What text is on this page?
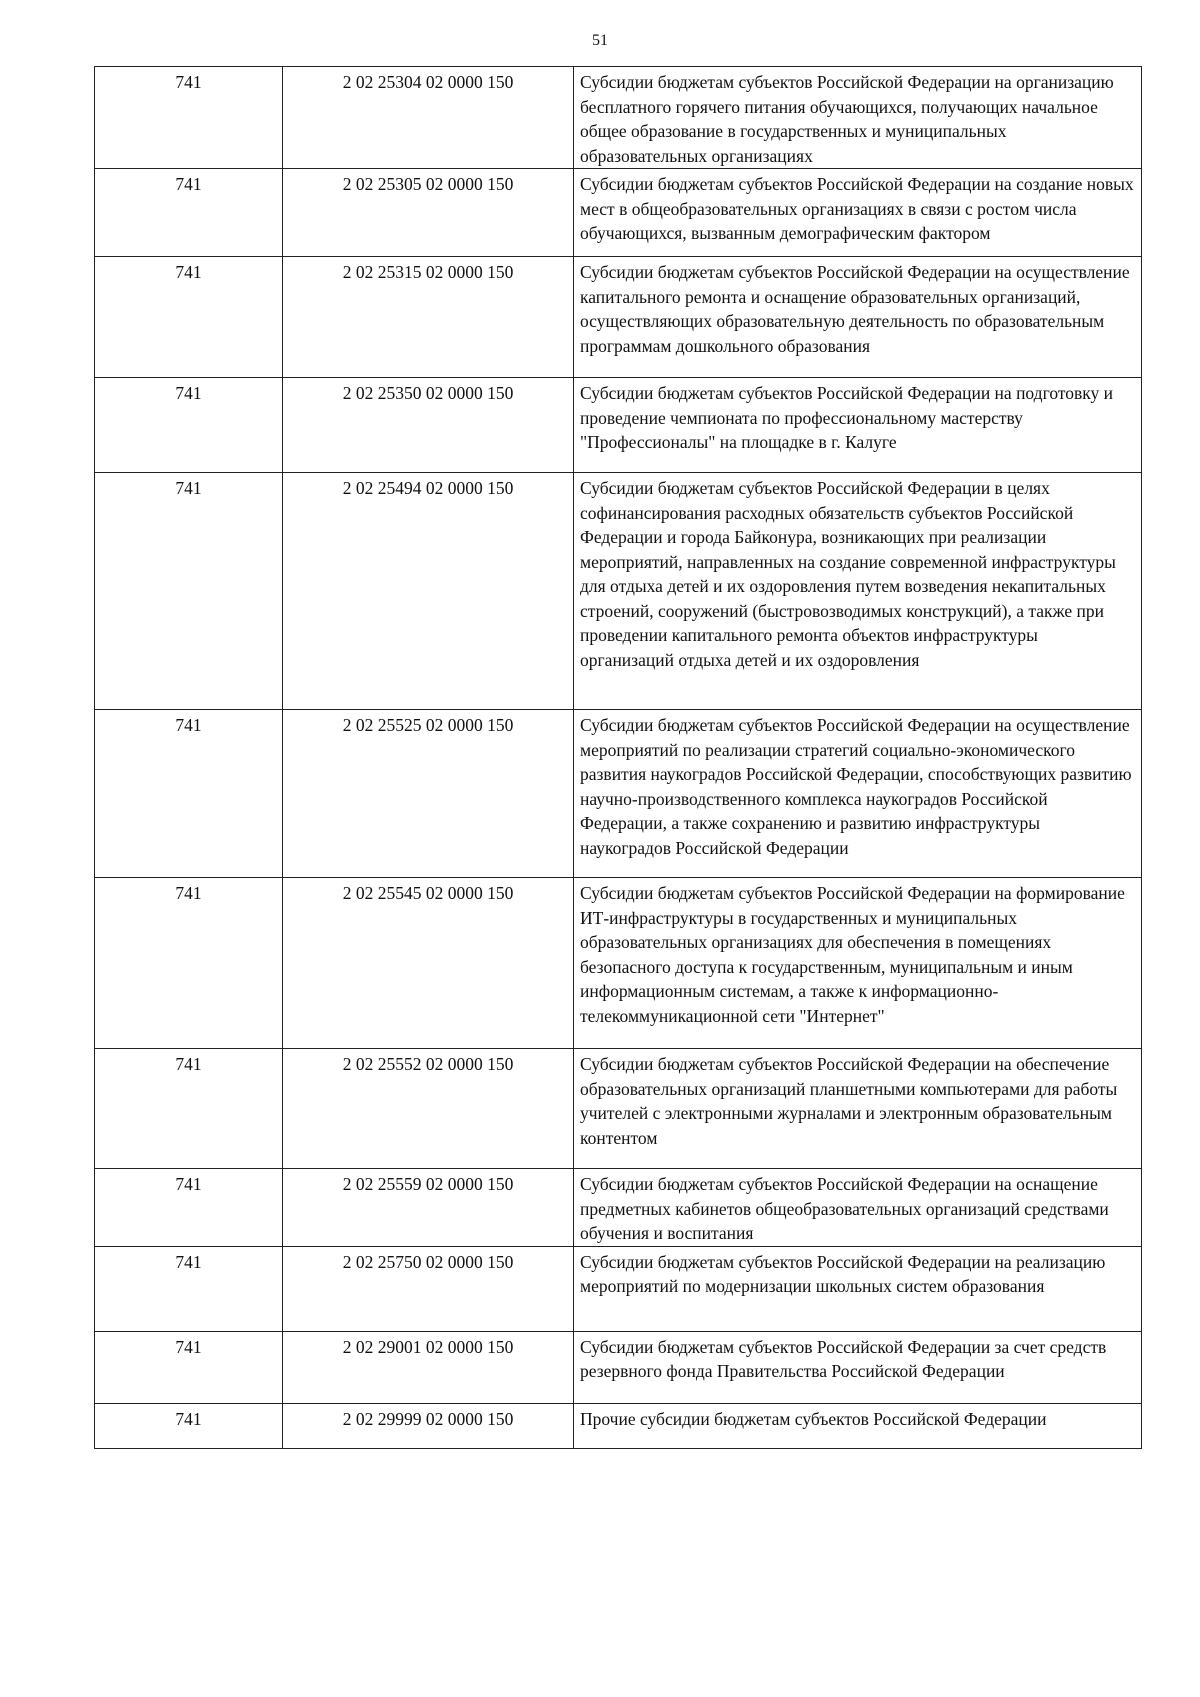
51
741	2 02 25304 02 0000 150	Субсидии бюджетам субъектов Российской Федерации на организацию бесплатного горячего питания обучающихся, получающих начальное общее образование в государственных и муниципальных образовательных организациях
741	2 02 25305 02 0000 150	Субсидии бюджетам субъектов Российской Федерации на создание новых мест в общеобразовательных организациях в связи с ростом числа обучающихся, вызванным демографическим фактором
741	2 02 25315 02 0000 150	Субсидии бюджетам субъектов Российской Федерации на осуществление капитального ремонта и оснащение образовательных организаций, осуществляющих образовательную деятельность по образовательным программам дошкольного образования
741	2 02 25350 02 0000 150	Субсидии бюджетам субъектов Российской Федерации на подготовку и проведение чемпионата по профессиональному мастерству "Профессионалы" на площадке в г. Калуге
741	2 02 25494 02 0000 150	Субсидии бюджетам субъектов Российской Федерации в целях софинансирования расходных обязательств субъектов Российской Федерации и города Байконура, возникающих при реализации мероприятий, направленных на создание современной инфраструктуры для отдыха детей и их оздоровления путем возведения некапитальных строений, сооружений (быстровозводимых конструкций), а также при проведении капитального ремонта объектов инфраструктуры организаций отдыха детей и их оздоровления
741	2 02 25525 02 0000 150	Субсидии бюджетам субъектов Российской Федерации на осуществление мероприятий по реализации стратегий социально-экономического развития наукоградов Российской Федерации, способствующих развитию научно-производственного комплекса наукоградов Российской Федерации, а также сохранению и развитию инфраструктуры наукоградов Российской Федерации
741	2 02 25545 02 0000 150	Субсидии бюджетам субъектов Российской Федерации на формирование ИТ-инфраструктуры в государственных и муниципальных образовательных организациях для обеспечения в помещениях безопасного доступа к государственным, муниципальным и иным информационным системам, а также к информационно-телекоммуникационной сети "Интернет"
741	2 02 25552 02 0000 150	Субсидии бюджетам субъектов Российской Федерации на обеспечение образовательных организаций планшетными компьютерами для работы учителей с электронными журналами и электронным образовательным контентом
741	2 02 25559 02 0000 150	Субсидии бюджетам субъектов Российской Федерации на оснащение предметных кабинетов общеобразовательных организаций средствами обучения и воспитания
741	2 02 25750 02 0000 150	Субсидии бюджетам субъектов Российской Федерации на реализацию мероприятий по модернизации школьных систем образования
741	2 02 29001 02 0000 150	Субсидии бюджетам субъектов Российской Федерации за счет средств резервного фонда Правительства Российской Федерации
741	2 02 29999 02 0000 150	Прочие субсидии бюджетам субъектов Российской Федерации
